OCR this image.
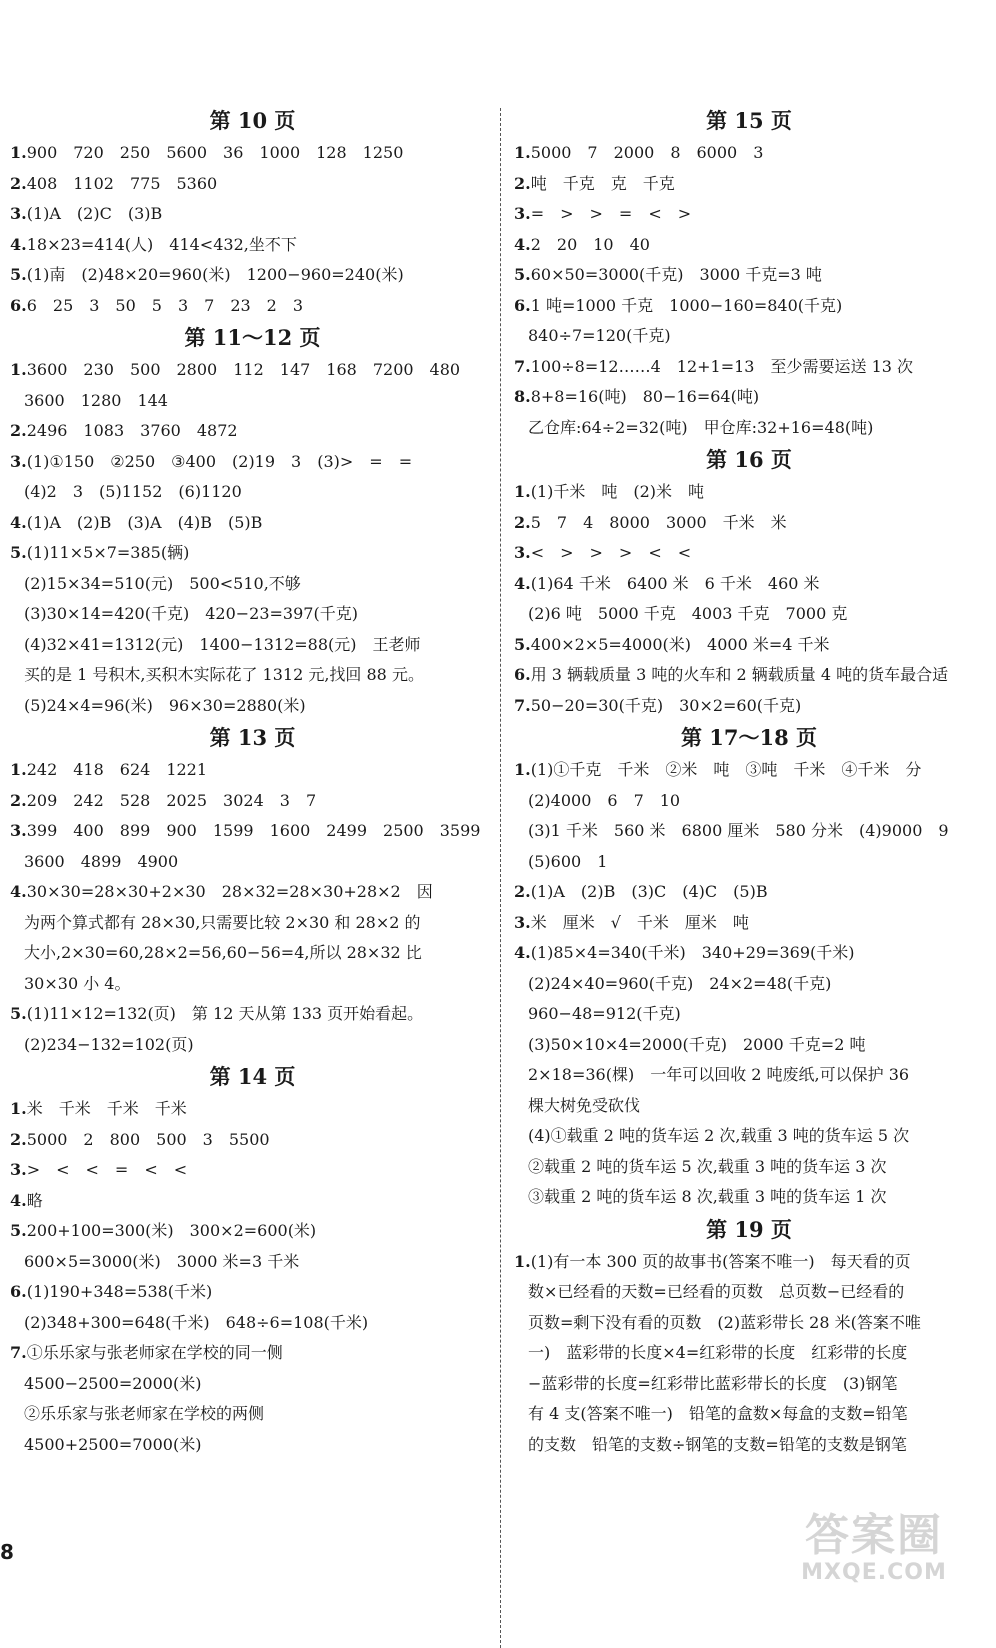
第 10 页
1.900　720　250　5600　36　1000　128　1250
2.408　1102　775　5360
3.(1)A　(2)C　(3)B
4.18×23=414(人)　414<432,坐不下
5.(1)南　(2)48×20=960(米)　1200−960=240(米)
6.6　25　3　50　5　3　7　23　2　3
第 11～12 页
1.3600　230　500　2800　112　147　168　7200　480
3600　1280　144
2.2496　1083　3760　4872
3.(1)①150　②250　③400　(2)19　3　(3)>　=　=
(4)2　3　(5)1152　(6)1120
4.(1)A　(2)B　(3)A　(4)B　(5)B
5.(1)11×5×7=385(辆)
(2)15×34=510(元)　500<510,不够
(3)30×14=420(千克)　420−23=397(千克)
(4)32×41=1312(元)　1400−1312=88(元)　王老师
买的是 1 号积木,买积木实际花了 1312 元,找回 88 元。
(5)24×4=96(米)　96×30=2880(米)
第 13 页
1.242　418　624　1221
2.209　242　528　2025　3024　3　7
3.399　400　899　900　1599　1600　2499　2500　3599
3600　4899　4900
4.30×30=28×30+2×30　28×32=28×30+28×2　因
为两个算式都有 28×30,只需要比较 2×30 和 28×2 的
大小,2×30=60,28×2=56,60−56=4,所以 28×32 比
30×30 小 4。
5.(1)11×12=132(页)　第 12 天从第 133 页开始看起。
(2)234−132=102(页)
第 14 页
1.米　千米　千米　千米
2.5000　2　800　500　3　5500
3.>　<　<　=　<　<
4.略
5.200+100=300(米)　300×2=600(米)
600×5=3000(米)　3000 米=3 千米
6.(1)190+348=538(千米)
(2)348+300=648(千米)　648÷6=108(千米)
7.①乐乐家与张老师家在学校的同一侧
4500−2500=2000(米)
②乐乐家与张老师家在学校的两侧
4500+2500=7000(米)
第 15 页
1.5000　7　2000　8　6000　3
2.吨　千克　克　千克
3.=　>　>　=　<　>
4.2　20　10　40
5.60×50=3000(千克)　3000 千克=3 吨
6.1 吨=1000 千克　1000−160=840(千克)
840÷7=120(千克)
7.100÷8=12……4　12+1=13　至少需要运送 13 次
8.8+8=16(吨)　80−16=64(吨)
乙仓库:64÷2=32(吨)　甲仓库:32+16=48(吨)
第 16 页
1.(1)千米　吨　(2)米　吨
2.5　7　4　8000　3000　千米　米
3.<　>　>　>　<　<
4.(1)64 千米　6400 米　6 千米　460 米
(2)6 吨　5000 千克　4003 千克　7000 克
5.400×2×5=4000(米)　4000 米=4 千米
6.用 3 辆载质量 3 吨的火车和 2 辆载质量 4 吨的货车最合适
7.50−20=30(千克)　30×2=60(千克)
第 17～18 页
1.(1)①千克　千米　②米　吨　③吨　千米　④千米　分
(2)4000　6　7　10
(3)1 千米　560 米　6800 厘米　580 分米　(4)9000　9
(5)600　1
2.(1)A　(2)B　(3)C　(4)C　(5)B
3.米　厘米　√　千米　厘米　吨
4.(1)85×4=340(千米)　340+29=369(千米)
(2)24×40=960(千克)　24×2=48(千克)
960−48=912(千克)
(3)50×10×4=2000(千克)　2000 千克=2 吨
2×18=36(棵)　一年可以回收 2 吨废纸,可以保护 36
棵大树免受砍伐
(4)①载重 2 吨的货车运 2 次,载重 3 吨的货车运 5 次
②载重 2 吨的货车运 5 次,载重 3 吨的货车运 3 次
③载重 2 吨的货车运 8 次,载重 3 吨的货车运 1 次
第 19 页
1.(1)有一本 300 页的故事书(答案不唯一)　每天看的页
数×已经看的天数=已经看的页数　总页数−已经看的
页数=剩下没有看的页数　(2)蓝彩带长 28 米(答案不唯
一)　蓝彩带的长度×4=红彩带的长度　红彩带的长度
−蓝彩带的长度=红彩带比蓝彩带长的长度　(3)钢笔
有 4 支(答案不唯一)　铅笔的盒数×每盒的支数=铅笔
的支数　铅笔的支数÷钢笔的支数=铅笔的支数是钢笔
8	答案圈
MXQE.COM
